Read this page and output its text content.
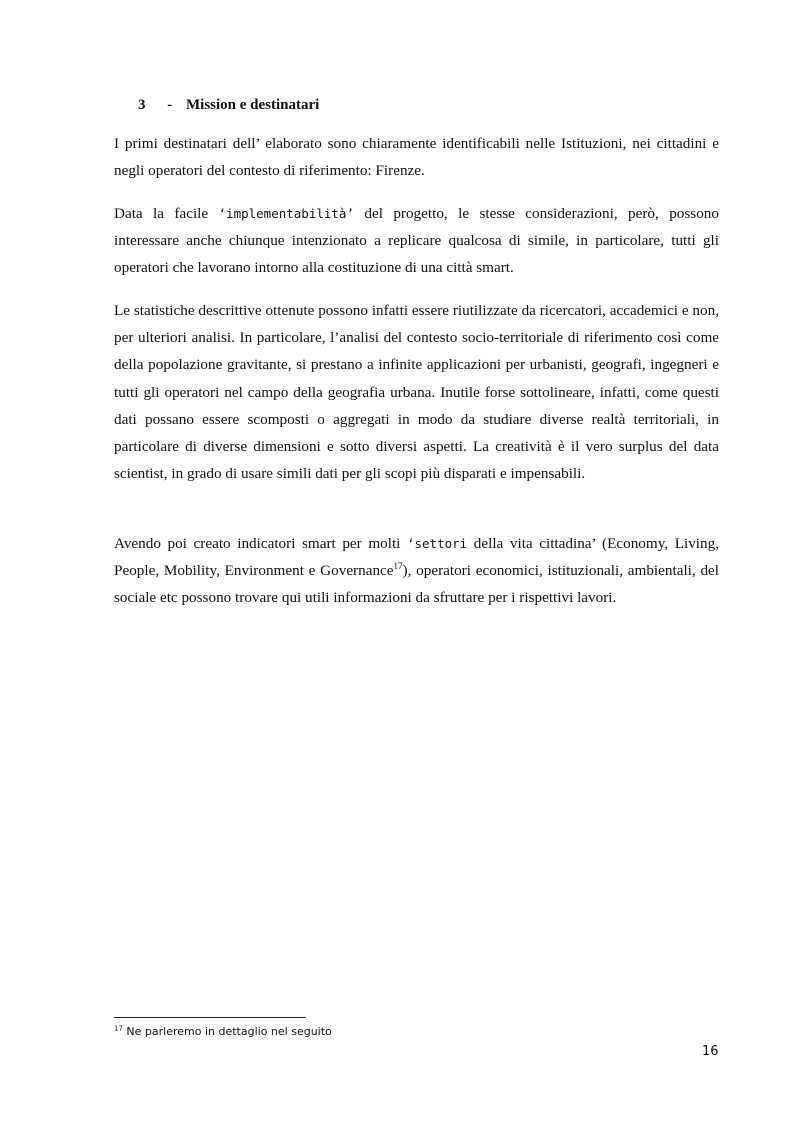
3 - Mission e destinatari

I primi destinatari dell’ elaborato sono chiaramente identificabili nelle Istituzioni, nei cittadini e negli operatori del contesto di riferimento: Firenze.

Data la facile ‘implementabilità’ del progetto, le stesse considerazioni, però, possono interessare anche chiunque intenzionato a replicare qualcosa di simile, in particolare, tutti gli operatori che lavorano intorno alla costituzione di una città smart.

Le statistiche descrittive ottenute possono infatti essere riutilizzate da ricercatori, accademici e non, per ulteriori analisi. In particolare, l’analisi del contesto socio-territoriale di riferimento così come della popolazione gravitante, si prestano a infinite applicazioni per urbanisti, geografi, ingegneri e tutti gli operatori nel campo della geografia urbana. Inutile forse sottolineare, infatti, come questi dati possano essere scomposti o aggregati in modo da studiare diverse realtà territoriali, in particolare di diverse dimensioni e sotto diversi aspetti. La creatività è il vero surplus del data scientist, in grado di usare simili dati per gli scopi più disparati e impensabili.

Avendo poi creato indicatori smart per molti ‘settori della vita cittadina’ (Economy, Living, People, Mobility, Environment e Governance$^{17}$), operatori economici, istituzionali, ambientali, del sociale etc possono trovare qui utili informazioni da sfruttare per i rispettivi lavori.

$^{17}$ Ne parleremo in dettaglio nel seguito
16
